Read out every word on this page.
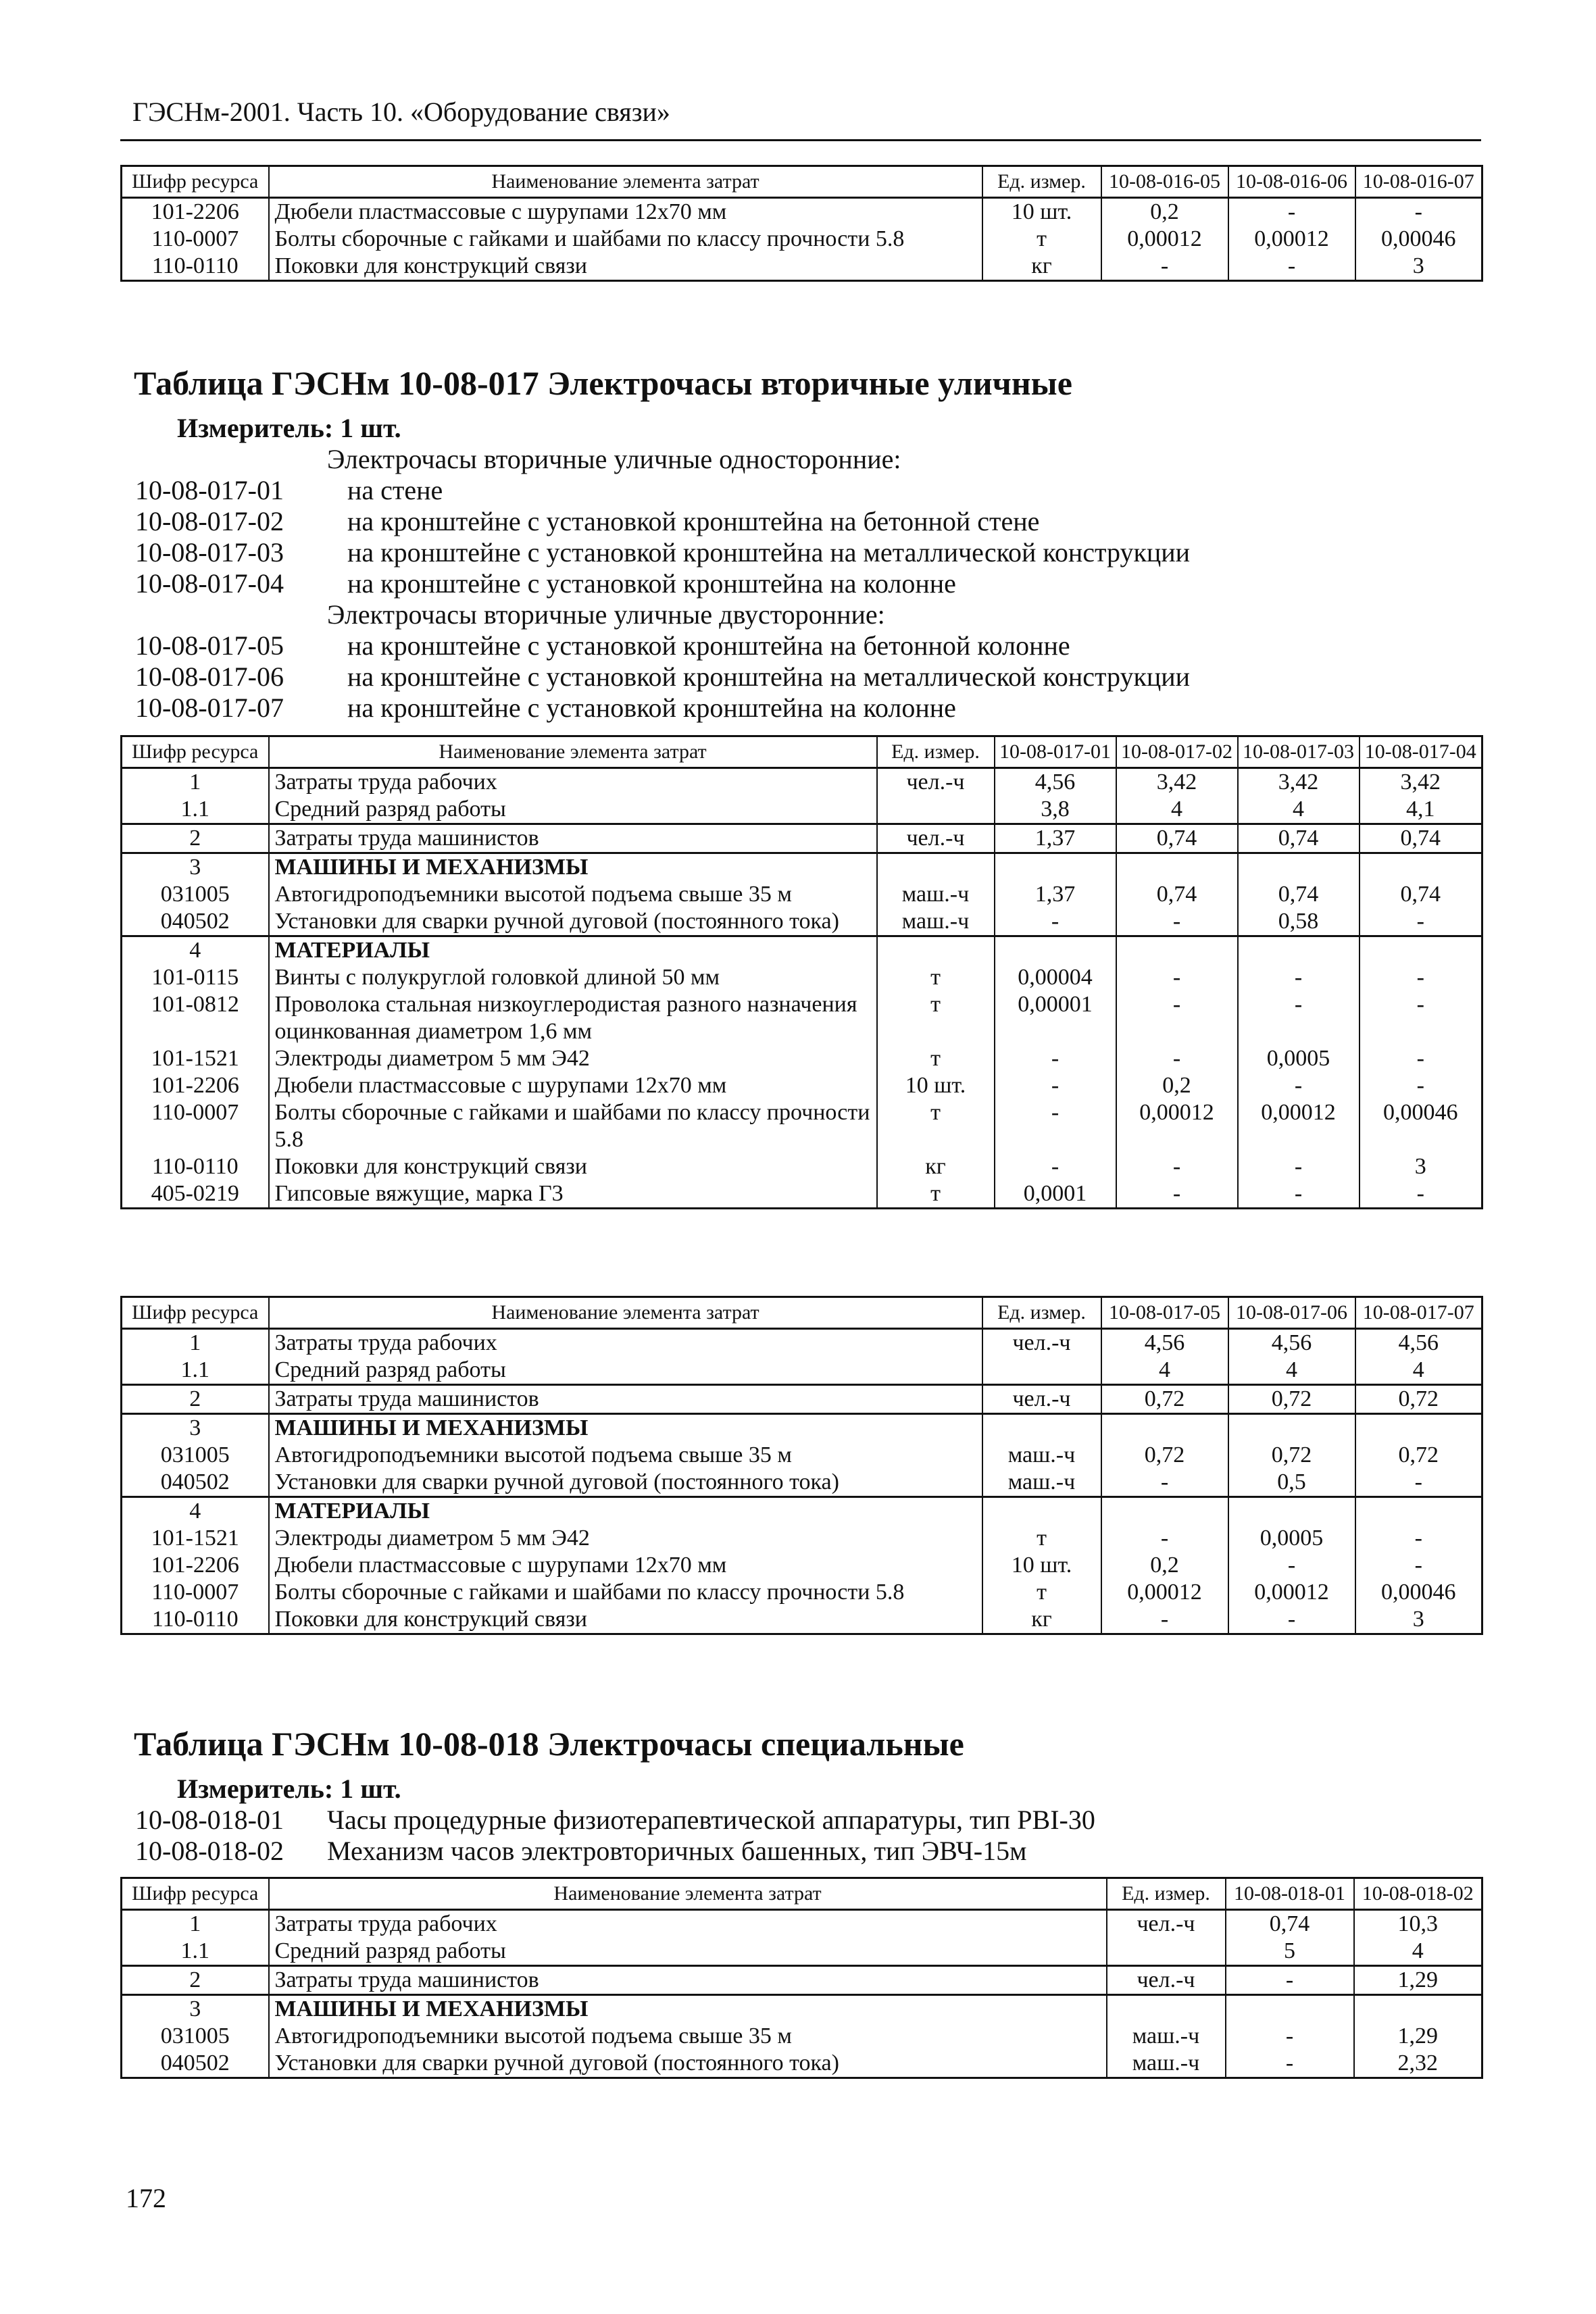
ГЭСНм-2001. Часть 10. «Оборудование связи»
Шифр ресурса	Наименование элемента затрат	Ед. измер.	10-08-016-05	10-08-016-06	10-08-016-07
101-2206	Дюбели пластмассовые с шурупами 12х70 мм	10 шт.	0,2	-	-
110-0007	Болты сборочные с гайками и шайбами по классу прочности 5.8	т	0,00012	0,00012	0,00046
110-0110	Поковки для конструкций связи	кг	-	-	3
Таблица ГЭСНм 10-08-017 Электрочасы вторичные уличные
Измеритель: 1 шт.
Электрочасы вторичные уличные односторонние:
10-08-017-01 на стене
10-08-017-02 на кронштейне с установкой кронштейна на бетонной стене
10-08-017-03 на кронштейне с установкой кронштейна на металлической конструкции
10-08-017-04 на кронштейне с установкой кронштейна на колонне
Электрочасы вторичные уличные двусторонние:
10-08-017-05 на кронштейне с установкой кронштейна на бетонной колонне
10-08-017-06 на кронштейне с установкой кронштейна на металлической конструкции
10-08-017-07 на кронштейне с установкой кронштейна на колонне
Шифр ресурса	Наименование элемента затрат	Ед. измер.	10-08-017-01	10-08-017-02	10-08-017-03	10-08-017-04
1	Затраты труда рабочих	чел.-ч	4,56	3,42	3,42	3,42
1.1	Средний разряд работы		3,8	4	4	4,1
2	Затраты труда машинистов	чел.-ч	1,37	0,74	0,74	0,74
3	МАШИНЫ И МЕХАНИЗМЫ					
031005	Автогидроподъемники высотой подъема свыше 35 м	маш.-ч	1,37	0,74	0,74	0,74
040502	Установки для сварки ручной дуговой (постоянного тока)	маш.-ч	-	-	0,58	-
4	МАТЕРИАЛЫ					
101-0115	Винты с полукруглой головкой длиной 50 мм	т	0,00004	-	-	-
101-0812	Проволока стальная низкоуглеродистая разного назначения оцинкованная диаметром 1,6 мм	т	0,00001	-	-	-
101-1521	Электроды диаметром 5 мм Э42	т	-	-	0,0005	-
101-2206	Дюбели пластмассовые с шурупами 12х70 мм	10 шт.	-	0,2	-	-
110-0007	Болты сборочные с гайками и шайбами по классу прочности 5.8	т	-	0,00012	0,00012	0,00046
110-0110	Поковки для конструкций связи	кг	-	-	-	3
405-0219	Гипсовые вяжущие, марка Г3	т	0,0001	-	-	-
Шифр ресурса	Наименование элемента затрат	Ед. измер.	10-08-017-05	10-08-017-06	10-08-017-07
1	Затраты труда рабочих	чел.-ч	4,56	4,56	4,56
1.1	Средний разряд работы		4	4	4
2	Затраты труда машинистов	чел.-ч	0,72	0,72	0,72
3	МАШИНЫ И МЕХАНИЗМЫ				
031005	Автогидроподъемники высотой подъема свыше 35 м	маш.-ч	0,72	0,72	0,72
040502	Установки для сварки ручной дуговой (постоянного тока)	маш.-ч	-	0,5	-
4	МАТЕРИАЛЫ				
101-1521	Электроды диаметром 5 мм Э42	т	-	0,0005	-
101-2206	Дюбели пластмассовые с шурупами 12х70 мм	10 шт.	0,2	-	-
110-0007	Болты сборочные с гайками и шайбами по классу прочности 5.8	т	0,00012	0,00012	0,00046
110-0110	Поковки для конструкций связи	кг	-	-	3
Таблица ГЭСНм 10-08-018 Электрочасы специальные
Измеритель: 1 шт.
10-08-018-01 Часы процедурные физиотерапевтической аппаратуры, тип PBI-30
10-08-018-02 Механизм часов электровторичных башенных, тип ЭВЧ-15м
Шифр ресурса	Наименование элемента затрат	Ед. измер.	10-08-018-01	10-08-018-02
1	Затраты труда рабочих	чел.-ч	0,74	10,3
1.1	Средний разряд работы		5	4
2	Затраты труда машинистов	чел.-ч	-	1,29
3	МАШИНЫ И МЕХАНИЗМЫ			
031005	Автогидроподъемники высотой подъема свыше 35 м	маш.-ч	-	1,29
040502	Установки для сварки ручной дуговой (постоянного тока)	маш.-ч	-	2,32
172
